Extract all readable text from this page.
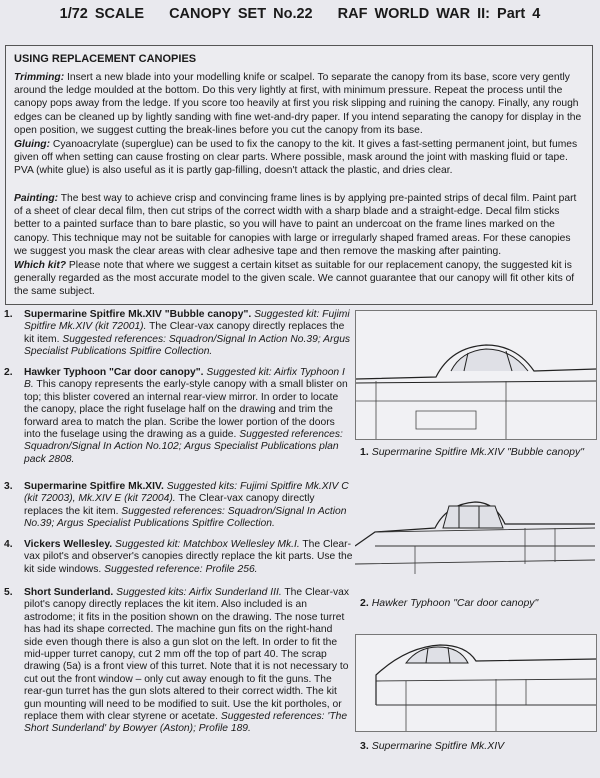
1/72 SCALE CANOPY SET No.22 RAF WORLD WAR II: Part 4
USING REPLACEMENT CANOPIES

Trimming: Insert a new blade into your modelling knife or scalpel. To separate the canopy from its base, score very gently around the ledge moulded at the bottom. Do this very lightly at first, with minimum pressure. Repeat the process until the canopy pops away from the ledge. If you score too heavily at first you risk slipping and ruining the canopy. Finally, any rough edges can be cleaned up by lightly sanding with fine wet-and-dry paper. If you intend separating the canopy for display in the open position, we suggest cutting the break-lines before you cut the canopy from its base.

Gluing: Cyanoacrylate (superglue) can be used to fix the canopy to the kit. It gives a fast-setting permanent joint, but fumes given off when setting can cause frosting on clear parts. Where possible, mask around the joint with masking fluid or tape. PVA (white glue) is also useful as it is partly gap-filling, doesn't attack the plastic, and dries clear.

Painting: The best way to achieve crisp and convincing frame lines is by applying pre-painted strips of decal film. Paint part of a sheet of clear decal film, then cut strips of the correct width with a sharp blade and a straight-edge. Decal film sticks better to a painted surface than to bare plastic, so you will have to paint an undercoat on the frame lines marked on the canopy. This technique may not be suitable for canopies with large or irregularly shaped framed areas. For these canopies we suggest you mask the clear areas with clear adhesive tape and then remove the masking after painting.

Which kit? Please note that where we suggest a certain kitset as suitable for our replacement canopy, the suggested kit is generally regarded as the most accurate model to the given scale. We cannot guarantee that our canopy will fit other kits of the same subject.

1. Supermarine Spitfire Mk.XIV "Bubble canopy". Suggested kit: Fujimi Spitfire Mk.XIV (kit 72001). The Clear-vax canopy directly replaces the kit item. Suggested references: Squadron/Signal In Action No.39; Argus Specialist Publications Spitfire Collection.
2. Hawker Typhoon "Car door canopy". Suggested kit: Airfix Typhoon I B. This canopy represents the early-style canopy with a small blister on top; this blister covered an internal rear-view mirror. In order to locate the canopy, place the right fuselage half on the drawing and trim the forward area to match the plan. Scribe the lower portion of the doors into the fuselage using the drawing as a guide. Suggested references: Squadron/Signal In Action No.102; Argus Specialist Publications plan pack 2808.
3. Supermarine Spitfire Mk.XIV. Suggested kits: Fujimi Spitfire Mk.XIV C (kit 72003), Mk.XIV E (kit 72004). The Clear-vax canopy directly replaces the kit item. Suggested references: Squadron/Signal In Action No.39; Argus Specialist Publications Spitfire Collection.
4. Vickers Wellesley. Suggested kit: Matchbox Wellesley Mk.I. The Clear-vax pilot's and observer's canopies directly replace the kit parts. Use the kit side windows. Suggested reference: Profile 256.
5. Short Sunderland. Suggested kits: Airfix Sunderland III. The Clear-vax pilot's canopy directly replaces the kit item. Also included is an astrodome; it fits in the position shown on the drawing. The nose turret has had its shape corrected. The machine gun fits on the right-hand side even though there is also a gun slot on the left. In order to fit the mid-upper turret canopy, cut 2 mm off the top of part 40. The scrap drawing (5a) is a front view of this turret. Note that it is not necessary to cut out the front window – only cut away enough to fit the guns. The rear-gun turret has the gun slots altered to their correct width. The kit gun mounting will need to be modified to suit. Use the kit portholes, or replace them with clear styrene or acetate. Suggested references: 'The Short Sunderland' by Bowyer (Aston); Profile 189.
1. Supermarine Spitfire Mk.XIV "Bubble canopy"
2. Hawker Typhoon "Car door canopy"
3. Supermarine Spitfire Mk.XIV
